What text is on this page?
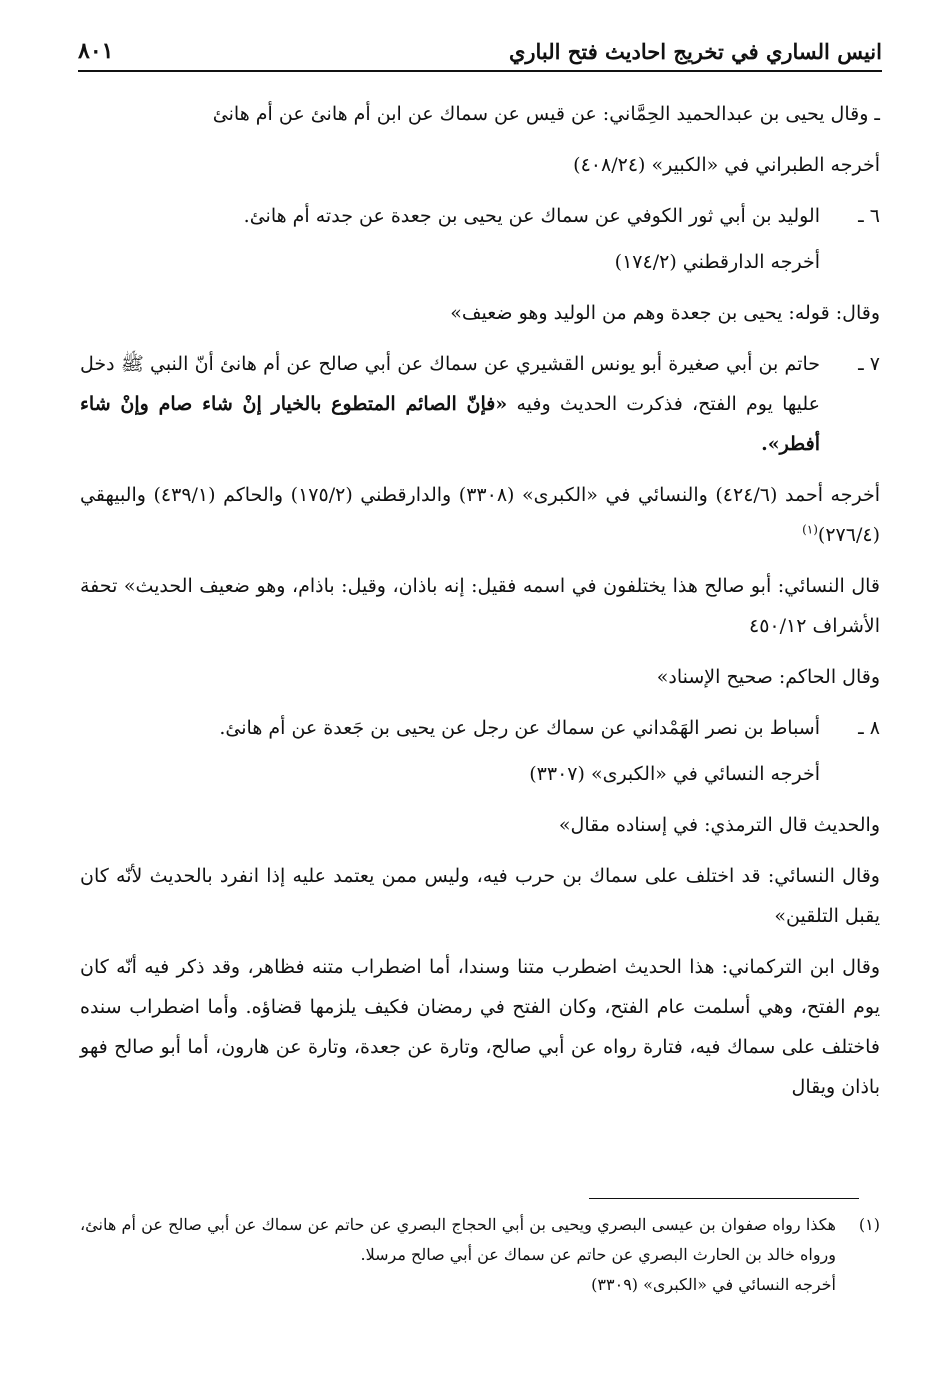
انيس الساري في تخريج احاديث فتح الباري
٨٠١
ـ وقال يحيى بن عبدالحميد الحِمَّاني: عن قيس عن سماك عن ابن أم هانئ عن أم هانئ
أخرجه الطبراني في «الكبير» (٤٠٨/٢٤)
٦ ـ
الوليد بن أبي ثور الكوفي عن سماك عن يحيى بن جعدة عن جدته أم هانئ.
أخرجه الدارقطني (١٧٤/٢)
وقال: قوله: يحيى بن جعدة وهم من الوليد وهو ضعيف»
٧ ـ
حاتم بن أبي صغيرة أبو يونس القشيري عن سماك عن أبي صالح عن أم هانئ أنّ النبي ﷺ دخل عليها يوم الفتح، فذكرت الحديث وفيه «فإنّ الصائم المتطوع بالخيار إنْ شاء صام وإنْ شاء أفطر».
أخرجه أحمد (٤٢٤/٦) والنسائي في «الكبرى» (٣٣٠٨) والدارقطني (١٧٥/٢) والحاكم (٤٣٩/١) والبيهقي (٢٧٦/٤)$^{(١)}$
قال النسائي: أبو صالح هذا يختلفون في اسمه فقيل: إنه باذان، وقيل: باذام، وهو ضعيف الحديث» تحفة الأشراف ٤٥٠/١٢
وقال الحاكم: صحيح الإسناد»
٨ ـ
أسباط بن نصر الهَمْداني عن سماك عن رجل عن يحيى بن جَعدة عن أم هانئ.
أخرجه النسائي في «الكبرى» (٣٣٠٧)
والحديث قال الترمذي: في إسناده مقال»
وقال النسائي: قد اختلف على سماك بن حرب فيه، وليس ممن يعتمد عليه إذا انفرد بالحديث لأنّه كان يقبل التلقين»
وقال ابن التركماني: هذا الحديث اضطرب متنا وسندا، أما اضطراب متنه فظاهر، وقد ذكر فيه أنّه كان يوم الفتح، وهي أسلمت عام الفتح، وكان الفتح في رمضان فكيف يلزمها قضاؤه. وأما اضطراب سنده فاختلف على سماك فيه، فتارة رواه عن أبي صالح، وتارة عن جعدة، وتارة عن هارون، أما أبو صالح فهو باذان ويقال
(١)
هكذا رواه صفوان بن عيسى البصري ويحيى بن أبي الحجاج البصري عن حاتم عن سماك عن أبي صالح عن أم هانئ، ورواه خالد بن الحارث البصري عن حاتم عن سماك عن أبي صالح مرسلا.
أخرجه النسائي في «الكبرى» (٣٣٠٩)
